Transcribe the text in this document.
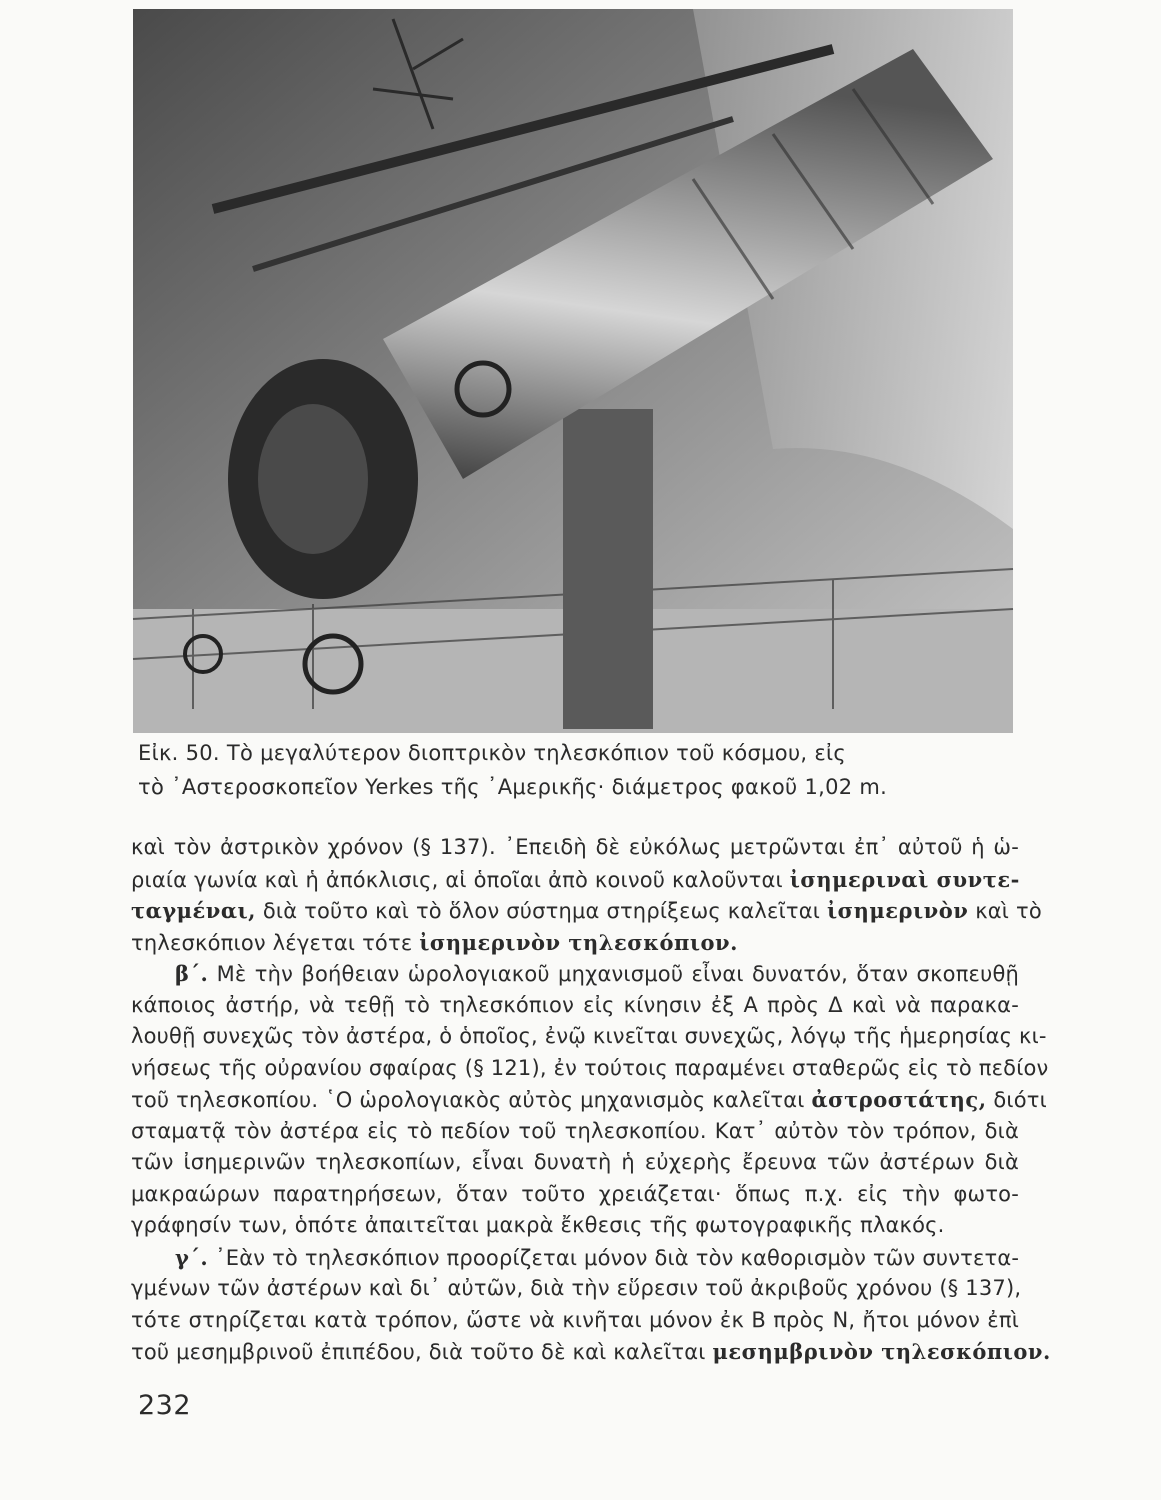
Εἰκ. 50. Τὸ μεγαλύτερον διοπτρικὸν τηλεσκόπιον τοῦ κόσμου, εἰς

τὸ ᾿Αστεροσκοπεῖον Yerkes τῆς ᾿Αμερικῆς· διάμετρος φακοῦ 1,02 m.

καὶ τὸν ἀστρικὸν χρόνον (§ 137). ᾿Επειδὴ δὲ εὐκόλως μετρῶνται ἐπ᾿ αὐτοῦ ἡ ὡ-
ριαία γωνία καὶ ἡ ἀπόκλισις, αἱ ὁποῖαι ἀπὸ κοινοῦ καλοῦνται ἰσημεριναὶ συντε-
ταγμέναι, διὰ τοῦτο καὶ τὸ ὅλον σύστημα στηρίξεως καλεῖται ἰσημερινὸν καὶ τὸ
τηλεσκόπιον λέγεται τότε ἰσημερινὸν τηλεσκόπιον.
β΄. Μὲ τὴν βοήθειαν ὡρολογιακοῦ μηχανισμοῦ εἶναι δυνατόν, ὅταν σκοπευθῇ
κάποιος ἀστήρ, νὰ τεθῇ τὸ τηλεσκόπιον εἰς κίνησιν ἐξ Α πρὸς Δ καὶ νὰ παρακα-
λουθῇ συνεχῶς τὸν ἀστέρα, ὁ ὁποῖος, ἐνῷ κινεῖται συνεχῶς, λόγῳ τῆς ἡμερησίας κι-
νήσεως τῆς οὐρανίου σφαίρας (§ 121), ἐν τούτοις παραμένει σταθερῶς εἰς τὸ πεδίον
τοῦ τηλεσκοπίου. ῾Ο ὡρολογιακὸς αὐτὸς μηχανισμὸς καλεῖται ἀστροστάτης, διότι
σταματᾷ τὸν ἀστέρα εἰς τὸ πεδίον τοῦ τηλεσκοπίου. Κατ᾿ αὐτὸν τὸν τρόπον, διὰ
τῶν ἰσημερινῶν τηλεσκοπίων, εἶναι δυνατὴ ἡ εὐχερὴς ἔρευνα τῶν ἀστέρων διὰ
μακραώρων παρατηρήσεων, ὅταν τοῦτο χρειάζεται· ὅπως π.χ. εἰς τὴν φωτο-
γράφησίν των, ὁπότε ἀπαιτεῖται μακρὰ ἔκθεσις τῆς φωτογραφικῆς πλακός.
γ΄. ᾿Εὰν τὸ τηλεσκόπιον προορίζεται μόνον διὰ τὸν καθορισμὸν τῶν συντετα-
γμένων τῶν ἀστέρων καὶ δι᾿ αὐτῶν, διὰ τὴν εὕρεσιν τοῦ ἀκριβοῦς χρόνου (§ 137),
τότε στηρίζεται κατὰ τρόπον, ὥστε νὰ κινῆται μόνον ἐκ Β πρὸς Ν, ἤτοι μόνον ἐπὶ
τοῦ μεσημβρινοῦ ἐπιπέδου, διὰ τοῦτο δὲ καὶ καλεῖται μεσημβρινὸν τηλεσκόπιον.
232
